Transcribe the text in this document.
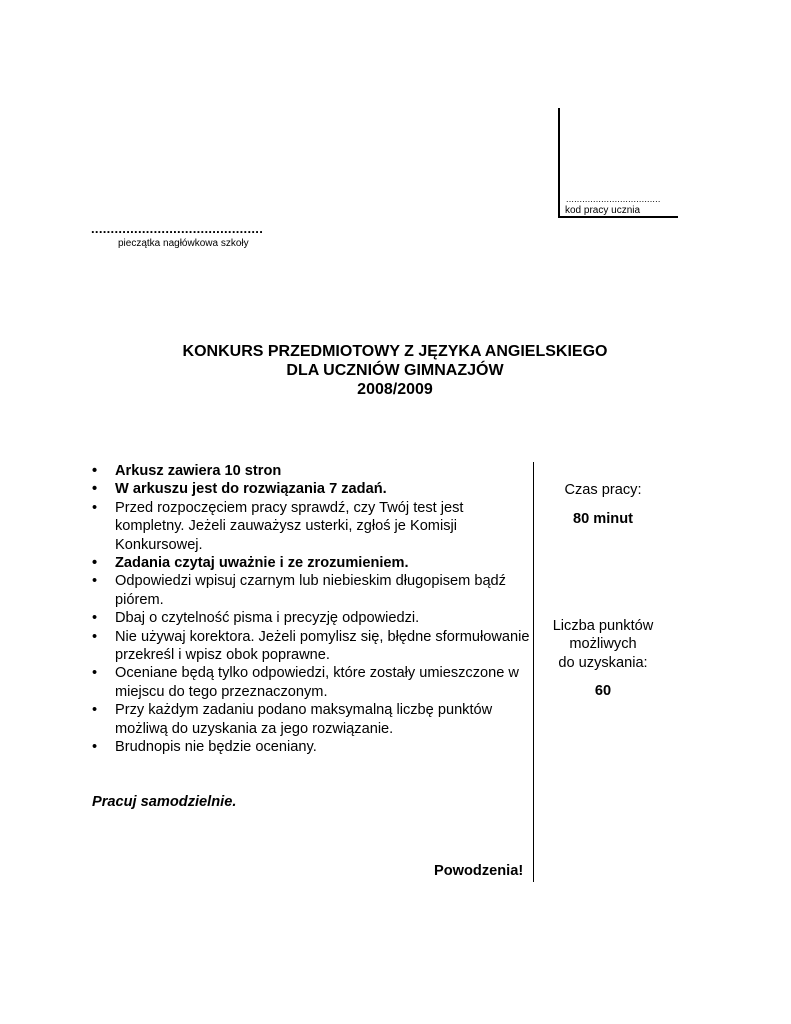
...................................
kod pracy ucznia
............................................
pieczątka nagłówkowa szkoły
KONKURS PRZEDMIOTOWY Z JĘZYKA ANGIELSKIEGO
DLA UCZNIÓW GIMNAZJÓW
2008/2009
• Arkusz zawiera 10 stron
• W arkuszu jest do rozwiązania 7 zadań.
• Przed rozpoczęciem pracy sprawdź, czy Twój test jest kompletny. Jeżeli zauważysz usterki, zgłoś je Komisji Konkursowej.
• Zadania czytaj uważnie i ze zrozumieniem.
• Odpowiedzi wpisuj czarnym lub niebieskim długopisem bądź piórem.
• Dbaj o czytelność pisma i precyzję odpowiedzi.
• Nie używaj korektora. Jeżeli pomylisz się, błędne sformułowanie przekreśl i wpisz obok poprawne.
• Oceniane będą tylko odpowiedzi, które zostały umieszczone w miejscu do tego przeznaczonym.
• Przy każdym zadaniu podano maksymalną liczbę punktów możliwą do uzyskania za jego rozwiązanie.
• Brudnopis nie będzie oceniany.
Pracuj samodzielnie.
Powodzenia!
Czas pracy:
80 minut
Liczba punktów
możliwych
do uzyskania:
60
